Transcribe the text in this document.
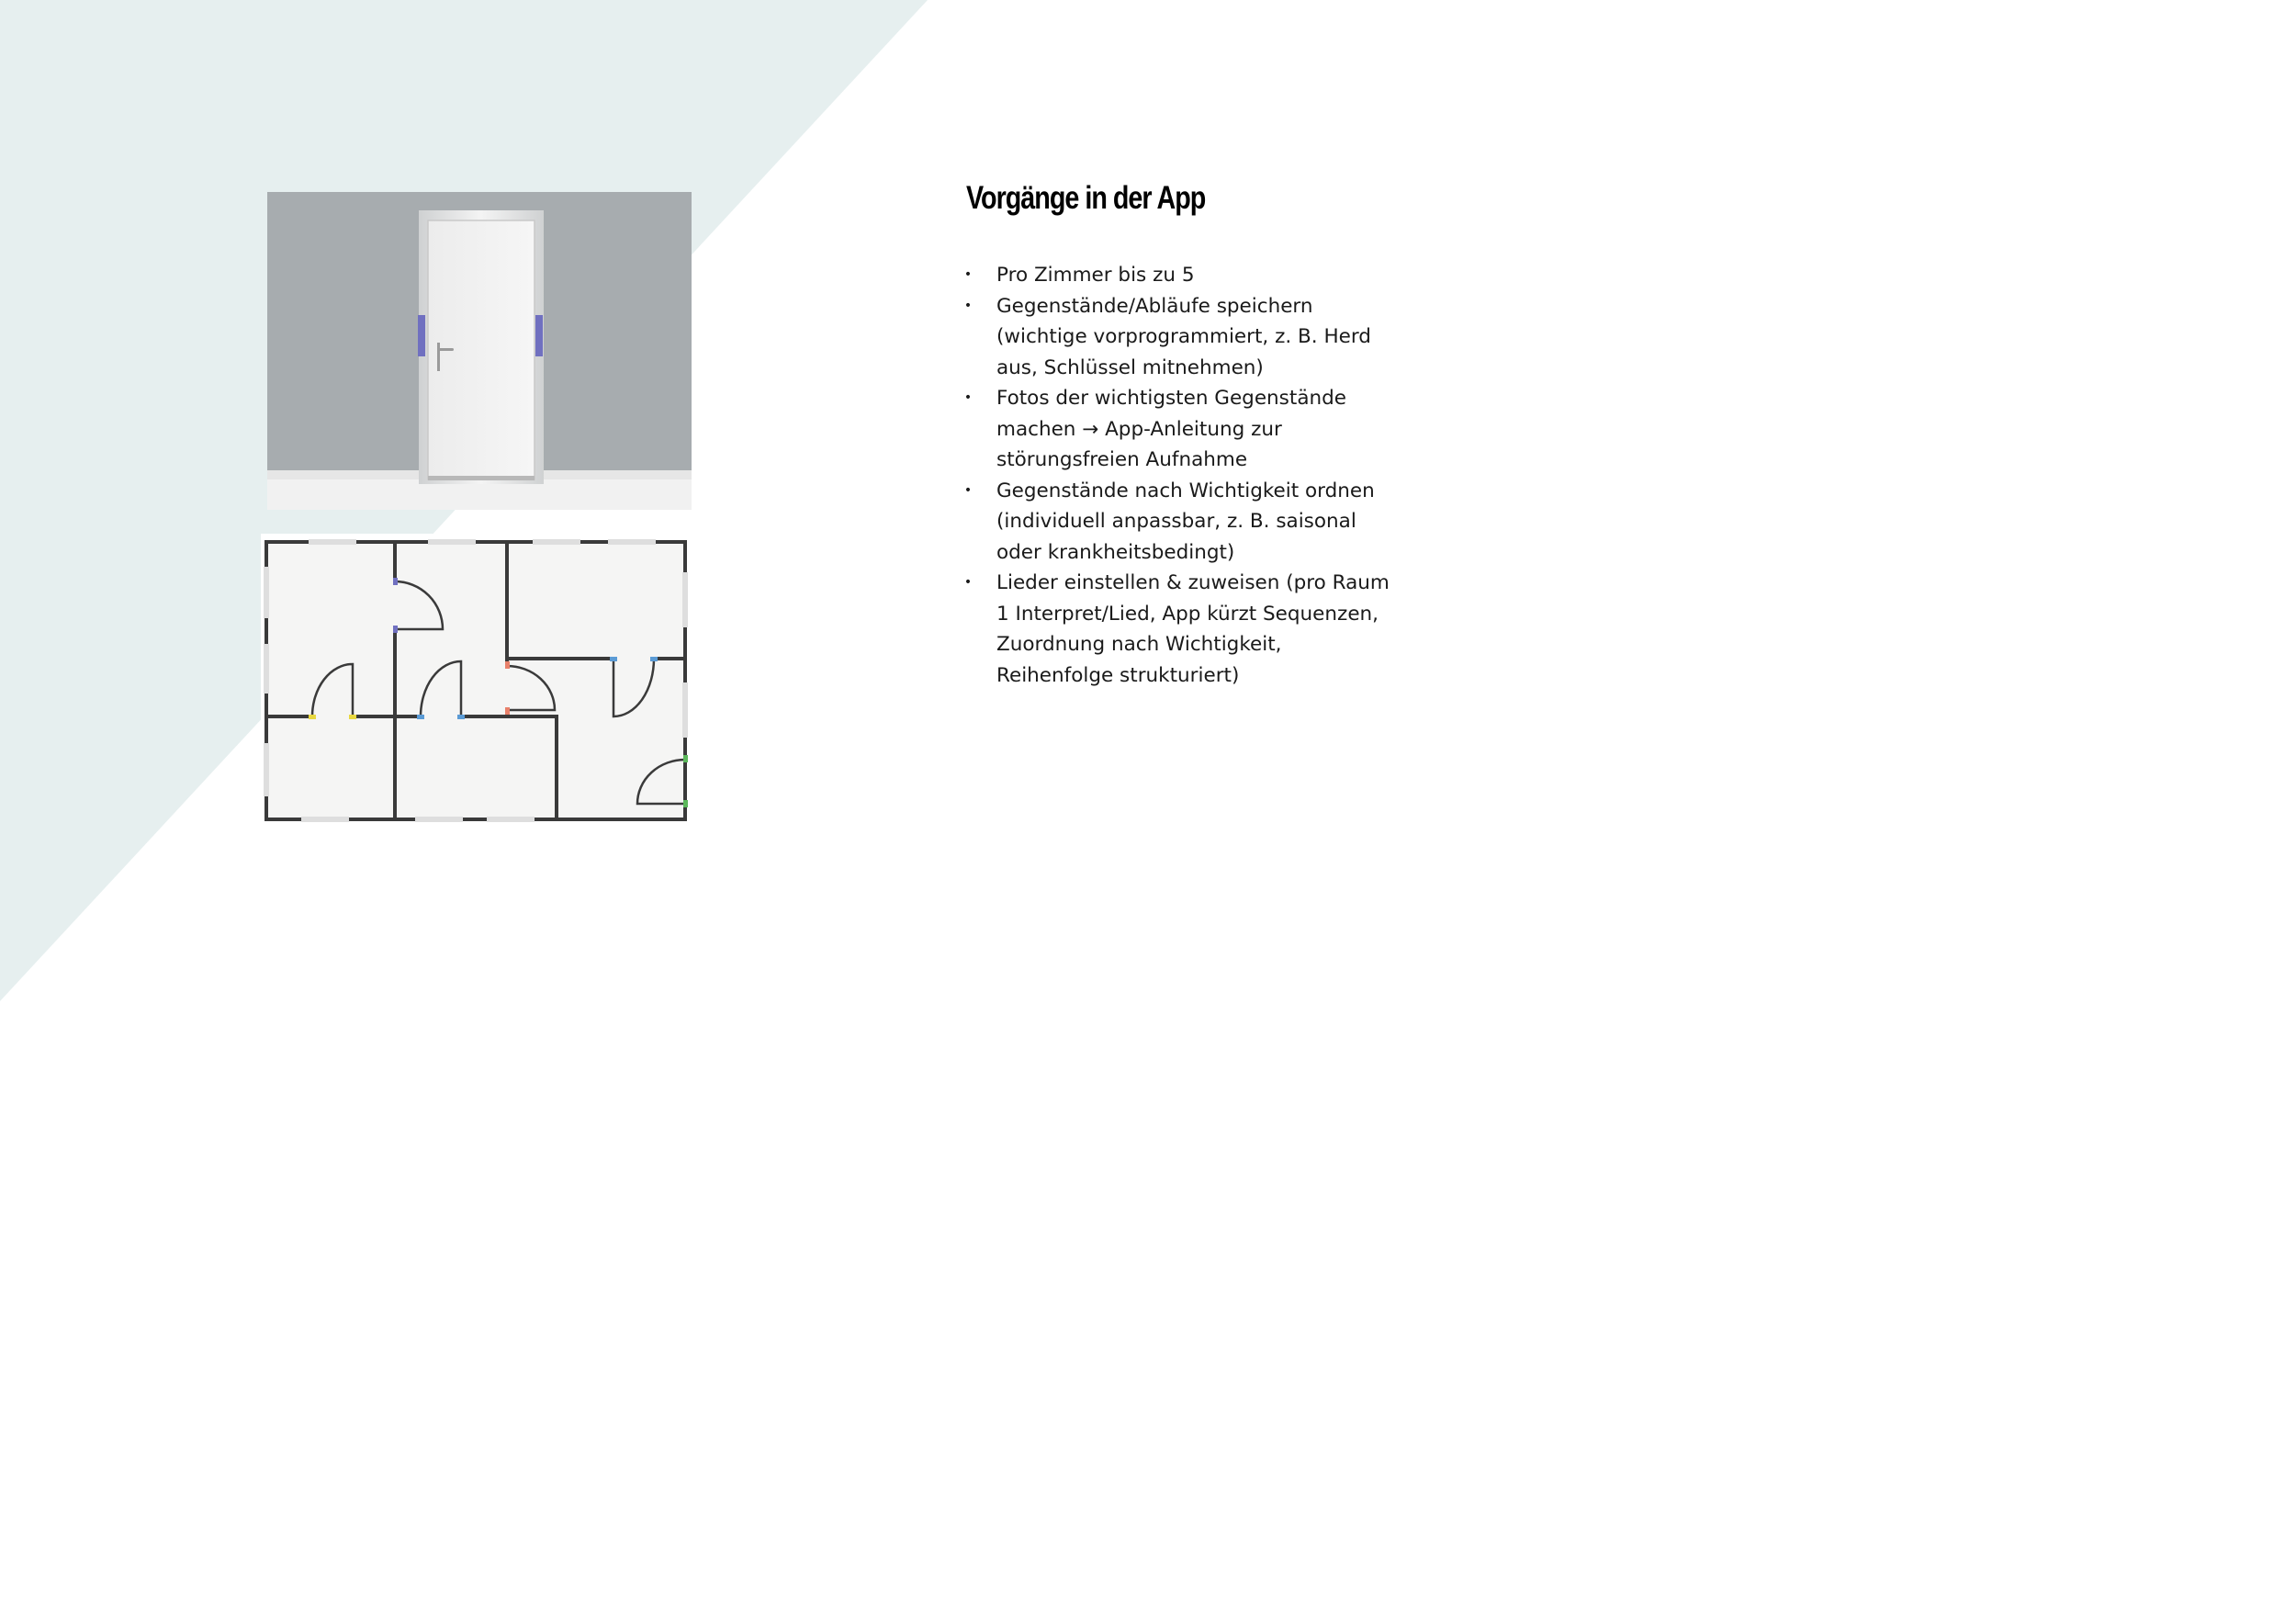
Vorgänge in der App
• Pro Zimmer bis zu 5
• Gegenstände/Abläufe speichern (wichtige vorprogrammiert, z. B. Herd aus, Schlüssel mitnehmen)
• Fotos der wichtigsten Gegenstände machen → App-Anleitung zur störungsfreien Aufnahme
• Gegenstände nach Wichtigkeit ordnen (individuell anpassbar, z. B. saisonal oder krankheitsbedingt)
• Lieder einstellen & zuweisen (pro Raum 1 Interpret/Lied, App kürzt Sequenzen, Zuordnung nach Wichtigkeit, Reihenfolge strukturiert)
